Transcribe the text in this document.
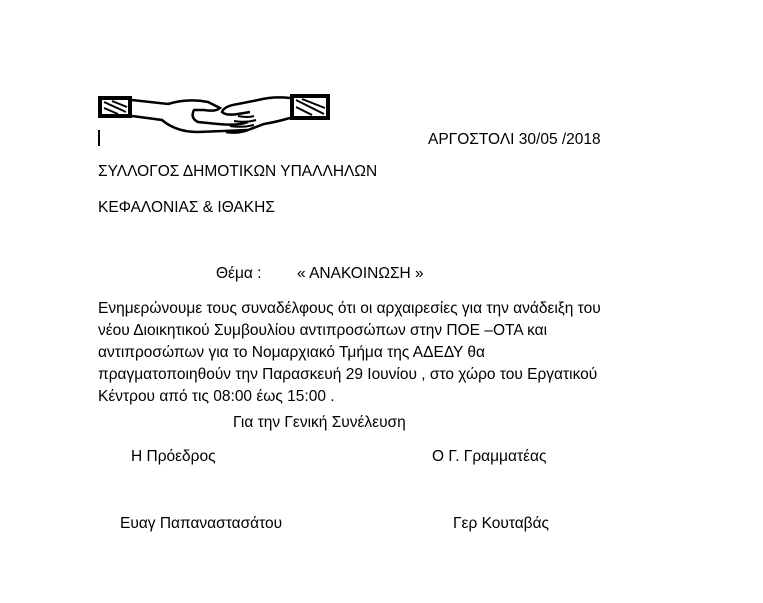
ΑΡΓΟΣΤΟΛΙ 30/05 /2018
ΣΥΛΛΟΓΟΣ ΔΗΜΟΤΙΚΩΝ ΥΠΑΛΛΗΛΩΝ
ΚΕΦΑΛΟΝΙΑΣ & ΙΘΑΚΗΣ
Θέμα : « ΑΝΑΚΟΙΝΩΣΗ »
Ενημερώνουμε τους συναδέλφους ότι οι αρχαιρεσίες για την ανάδειξη του
νέου Διοικητικού Συμβουλίου αντιπροσώπων στην ΠΟΕ –ΟΤΑ και
αντιπροσώπων για το Νομαρχιακό Τμήμα της ΑΔΕΔΥ θα
πραγματοποιηθούν την Παρασκευή 29 Ιουνίου , στο χώρο του Εργατικού
Κέντρου από τις 08:00 έως 15:00 .
Για την Γενική Συνέλευση
Η Πρόεδρος	Ο Γ. Γραμματέας
Ευαγ Παπαναστασάτου	Γερ Κουταβάς
